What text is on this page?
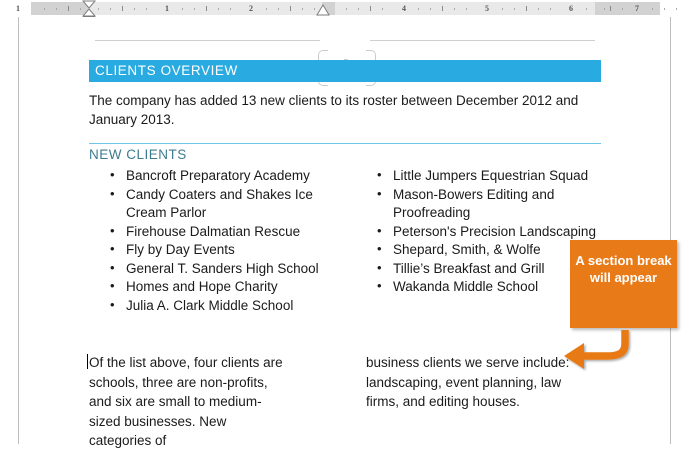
1	1	2	4	5	6	7
CLIENTS OVERVIEW
The company has added 13 new clients to its roster between December 2012 and January 2013.
NEW CLIENTS
• Bancroft Preparatory Academy
• Candy Coaters and Shakes Ice Cream Parlor
• Firehouse Dalmatian Rescue
• Fly by Day Events
• General T. Sanders High School
• Homes and Hope Charity
• Julia A. Clark Middle School
• Little Jumpers Equestrian Squad
• Mason-Bowers Editing and Proofreading
• Peterson's Precision Landscaping
• Shepard, Smith, & Wolfe
• Tillie’s Breakfast and Grill
• Wakanda Middle School
Of the list above, four clients are schools, three are non-profits, and six are small to medium-sized businesses. New categories of
business clients we serve include: landscaping, event planning, law firms, and editing houses.
A section break will appear
